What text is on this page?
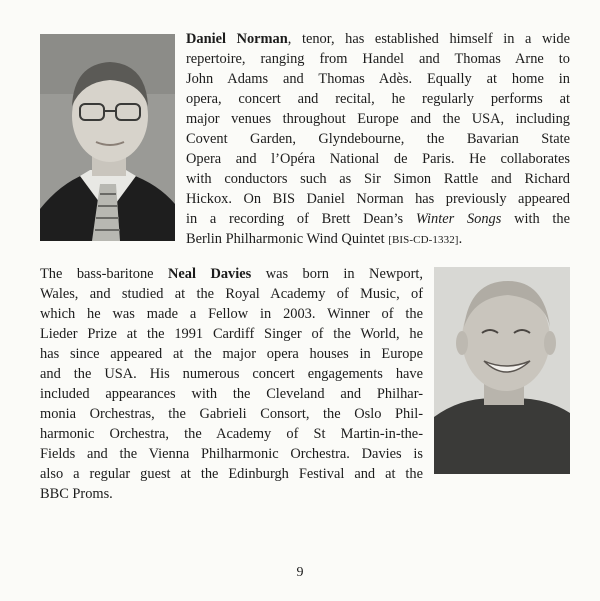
Daniel Norman, tenor, has established himself in a wide
repertoire, ranging from Handel and Thomas Arne to
John Adams and Thomas Adès. Equally at home in
opera, concert and recital, he regularly performs at
major venues throughout Europe and the USA, including
Covent Garden, Glyndebourne, the Bavarian State
Opera and l’Opéra National de Paris. He collaborates
with conductors such as Sir Simon Rattle and Richard
Hickox. On BIS Daniel Norman has previously appeared
in a recording of Brett Dean’s Winter Songs with the
Berlin Philharmonic Wind Quintet [BIS-CD-1332].

The bass-baritone Neal Davies was born in Newport,
Wales, and studied at the Royal Academy of Music, of
which he was made a Fellow in 2003. Winner of the
Lieder Prize at the 1991 Cardiff Singer of the World, he
has since appeared at the major opera houses in Europe
and the USA. His numerous concert engagements have
included appearances with the Cleveland and Philhar-
monia Orchestras, the Gabrieli Consort, the Oslo Phil-
harmonic Orchestra, the Academy of St Martin-in-the-
Fields and the Vienna Philharmonic Orchestra. Davies is
also a regular guest at the Edinburgh Festival and at the
BBC Proms.

9
